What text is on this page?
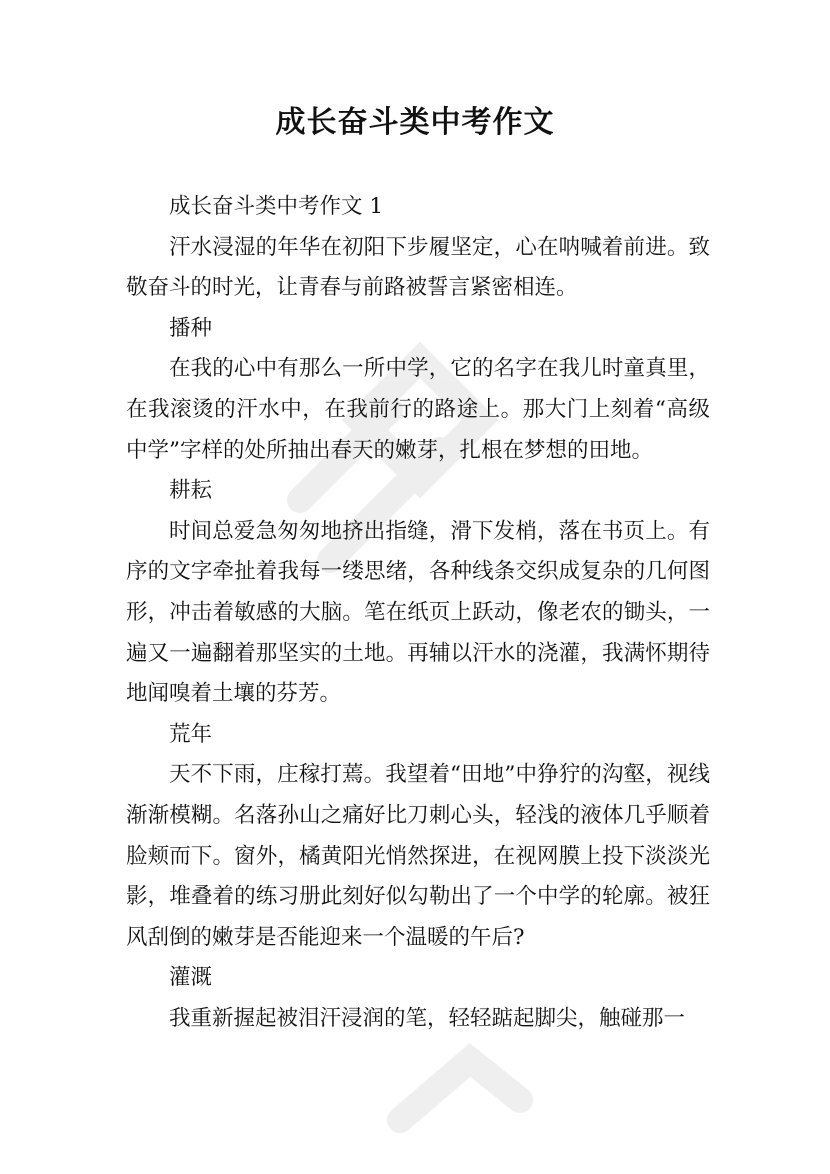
成长奋斗类中考作文

成长奋斗类中考作文 1

汗水浸湿的年华在初阳下步履坚定，心在呐喊着前进。致敬奋斗的时光，让青春与前路被誓言紧密相连。

播种

在我的心中有那么一所中学，它的名字在我儿时童真里，在我滚烫的汗水中，在我前行的路途上。那大门上刻着“高级中学”字样的处所抽出春天的嫩芽，扎根在梦想的田地。

耕耘

时间总爱急匆匆地挤出指缝，滑下发梢，落在书页上。有序的文字牵扯着我每一缕思绪，各种线条交织成复杂的几何图形，冲击着敏感的大脑。笔在纸页上跃动，像老农的锄头，一遍又一遍翻着那坚实的土地。再辅以汗水的浇灌，我满怀期待地闻嗅着土壤的芬芳。

荒年

天不下雨，庄稼打蔫。我望着“田地”中狰狞的沟壑，视线渐渐模糊。名落孙山之痛好比刀刺心头，轻浅的液体几乎顺着脸颊而下。窗外，橘黄阳光悄然探进，在视网膜上投下淡淡光影，堆叠着的练习册此刻好似勾勒出了一个中学的轮廓。被狂风刮倒的嫩芽是否能迎来一个温暖的午后?

灌溉

我重新握起被泪汗浸润的笔，轻轻踮起脚尖，触碰那一
